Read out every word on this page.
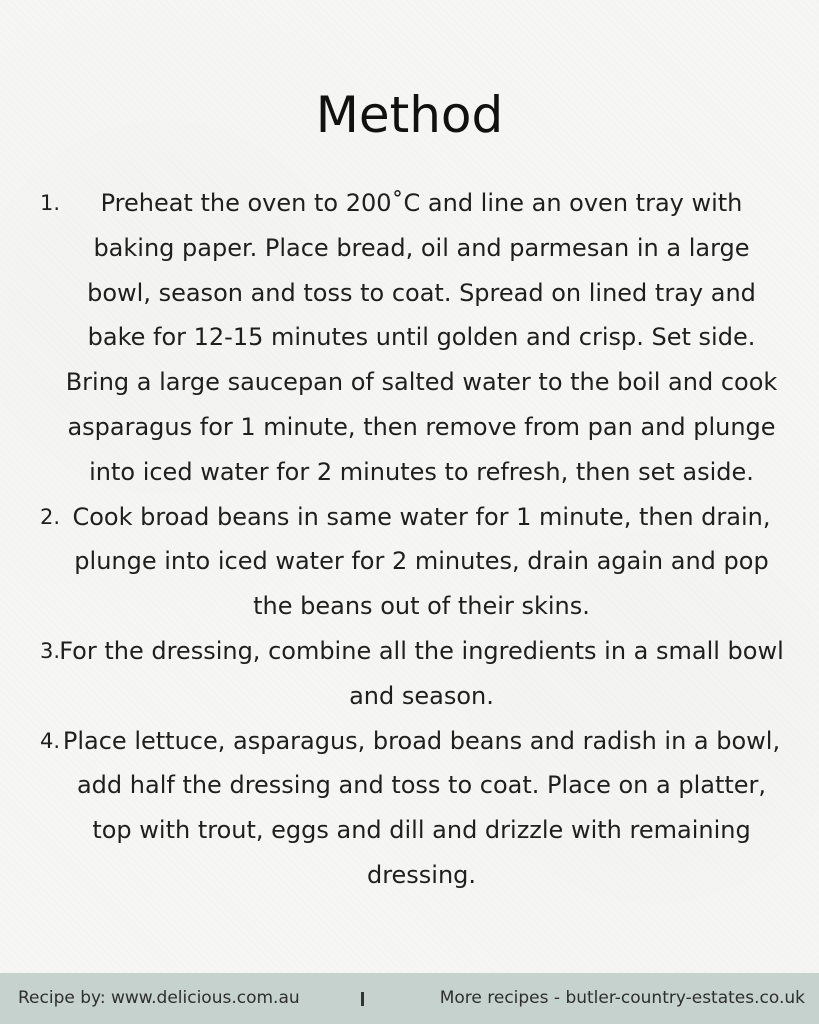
Method
1.	Preheat the oven to 200˚C and line an oven tray with baking paper. Place bread, oil and parmesan in a large bowl, season and toss to coat. Spread on lined tray and bake for 12-15 minutes until golden and crisp. Set side. Bring a large saucepan of salted water to the boil and cook asparagus for 1 minute, then remove from pan and plunge into iced water for 2 minutes to refresh, then set aside.
2. Cook broad beans in same water for 1 minute, then drain, plunge into iced water for 2 minutes, drain again and pop the beans out of their skins.
3. For the dressing, combine all the ingredients in a small bowl and season.
4. Place lettuce, asparagus, broad beans and radish in a bowl, add half the dressing and toss to coat. Place on a platter, top with trout, eggs and dill and drizzle with remaining dressing.
Recipe by: www.delicious.com.au	More recipes - butler-country-estates.co.uk
